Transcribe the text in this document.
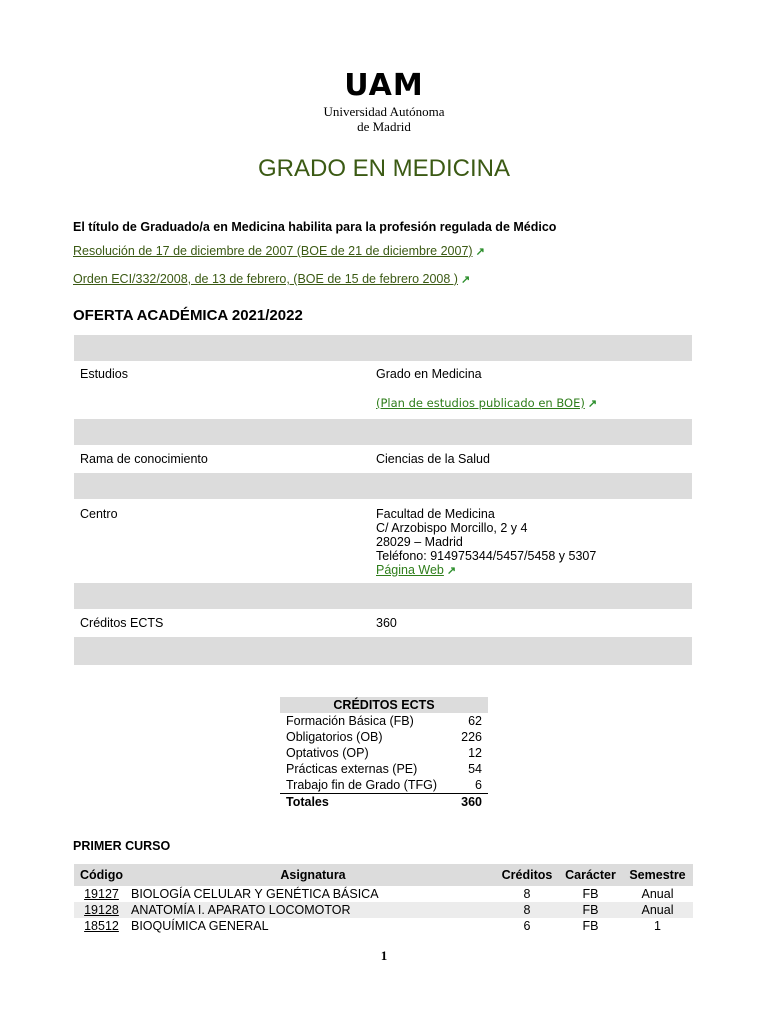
UAM
Universidad Autónoma
de Madrid
GRADO EN MEDICINA
El título de Graduado/a en Medicina habilita para la profesión regulada de Médico
Resolución de 17 de diciembre de 2007 (BOE de 21 de diciembre 2007) ↗
Orden ECI/332/2008, de 13 de febrero, (BOE de 15 de febrero 2008 ) ↗
OFERTA ACADÉMICA 2021/2022
Estudios	Grado en Medicina
(Plan de estudios publicado en BOE) ↗
Rama de conocimiento	Ciencias de la Salud
Centro	Facultad de Medicina
C/ Arzobispo Morcillo, 2 y 4
28029 – Madrid
Teléfono: 914975344/5457/5458 y 5307
Página Web ↗
Créditos ECTS	360
CRÉDITOS ECTS
Formación Básica (FB)	62
Obligatorios (OB)	226
Optativos (OP)	12
Prácticas externas (PE)	54
Trabajo fin de Grado (TFG)	6
Totales	360
PRIMER CURSO
Código	Asignatura	Créditos	Carácter	Semestre
19127	BIOLOGÍA CELULAR Y GENÉTICA BÁSICA	8	FB	Anual
19128	ANATOMÍA I. APARATO LOCOMOTOR	8	FB	Anual
18512	BIOQUÍMICA GENERAL	6	FB	1
1
